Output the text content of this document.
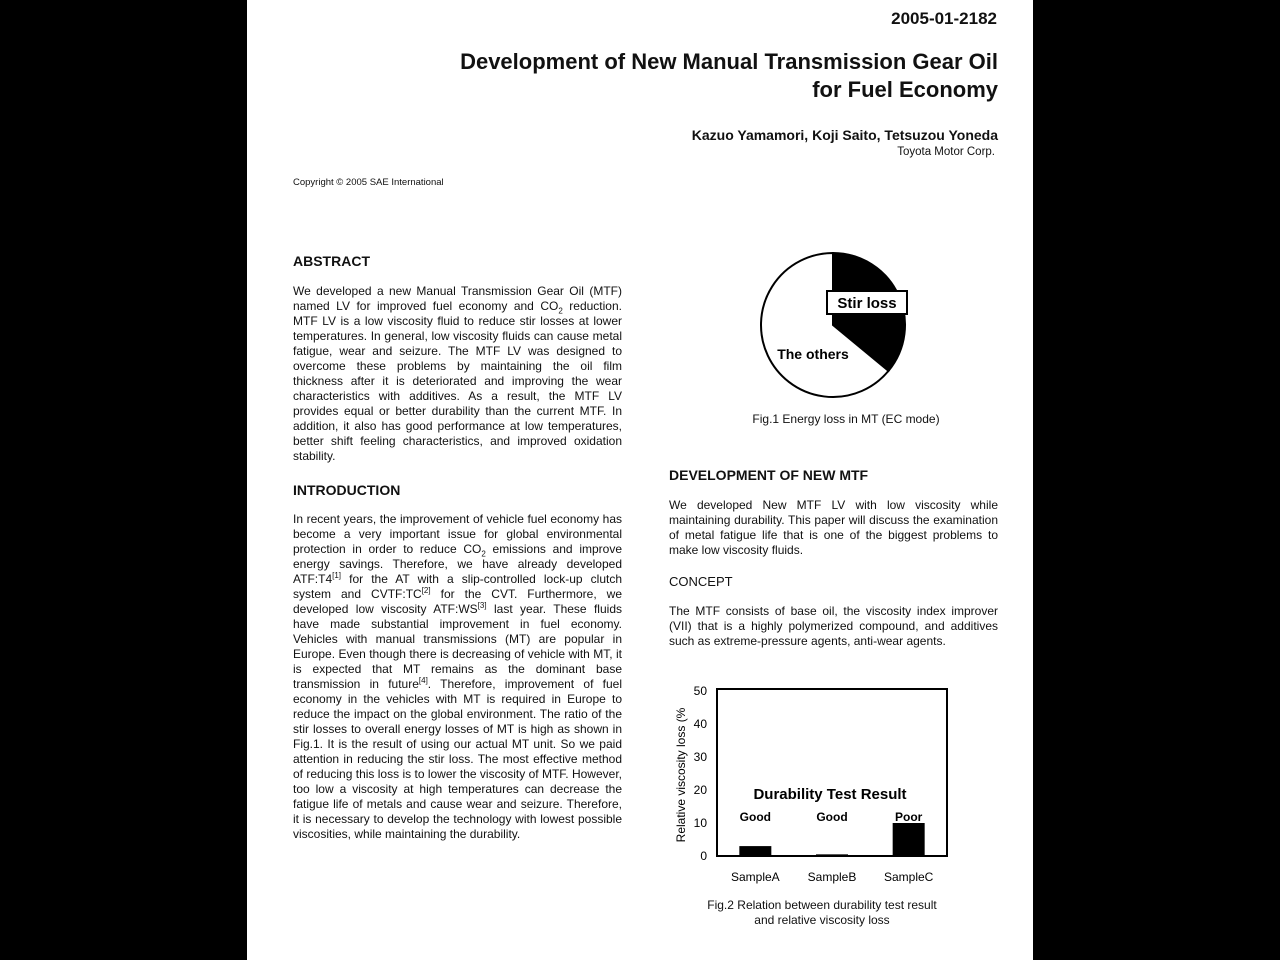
2005-01-2182
Development of New Manual Transmission Gear Oil
for Fuel Economy
Kazuo Yamamori, Koji Saito, Tetsuzou Yoneda
Toyota Motor Corp.
Copyright © 2005 SAE International
ABSTRACT
We developed a new Manual Transmission Gear Oil (MTF) named LV for improved fuel economy and $CO_2$ reduction. MTF LV is a low viscosity fluid to reduce stir losses at lower temperatures. In general, low viscosity fluids can cause metal fatigue, wear and seizure. The MTF LV was designed to overcome these problems by maintaining the oil film thickness after it is deteriorated and improving the wear characteristics with additives. As a result, the MTF LV provides equal or better durability than the current MTF. In addition, it also has good performance at low temperatures, better shift feeling characteristics, and improved oxidation stability.
INTRODUCTION
In recent years, the improvement of vehicle fuel economy has become a very important issue for global environmental protection in order to reduce $CO_2$ emissions and improve energy savings. Therefore, we have already developed ATF:T4[1] for the AT with a slip-controlled lock-up clutch system and CVTF:TC[2] for the CVT. Furthermore, we developed low viscosity ATF:WS[3] last year. These fluids have made substantial improvement in fuel economy. Vehicles with manual transmissions (MT) are popular in Europe. Even though there is decreasing of vehicle with MT, it is expected that MT remains as the dominant base transmission in future[4]. Therefore, improvement of fuel economy in the vehicles with MT is required in Europe to reduce the impact on the global environment. The ratio of the stir losses to overall energy losses of MT is high as shown in Fig.1. It is the result of using our actual MT unit. So we paid attention in reducing the stir loss. The most effective method of reducing this loss is to lower the viscosity of MTF. However, too low a viscosity at high temperatures can decrease the fatigue life of metals and cause wear and seizure. Therefore, it is necessary to develop the technology with lowest possible viscosities, while maintaining the durability.
Stir loss
The others
Fig.1 Energy loss in MT (EC mode)
DEVELOPMENT OF NEW MTF
We developed New MTF LV with low viscosity while maintaining durability. This paper will discuss the examination of metal fatigue life that is one of the biggest problems to make low viscosity fluids.
CONCEPT
The MTF consists of base oil, the viscosity index improver (VII) that is a highly polymerized compound, and additives such as extreme-pressure agents, anti-wear agents.
0
10
20
30
40
50
Good	Good	Poor
SampleA SampleB SampleC
Durability Test Result
Relative viscosity loss (%
Fig.2 Relation between durability test result
and relative viscosity loss
